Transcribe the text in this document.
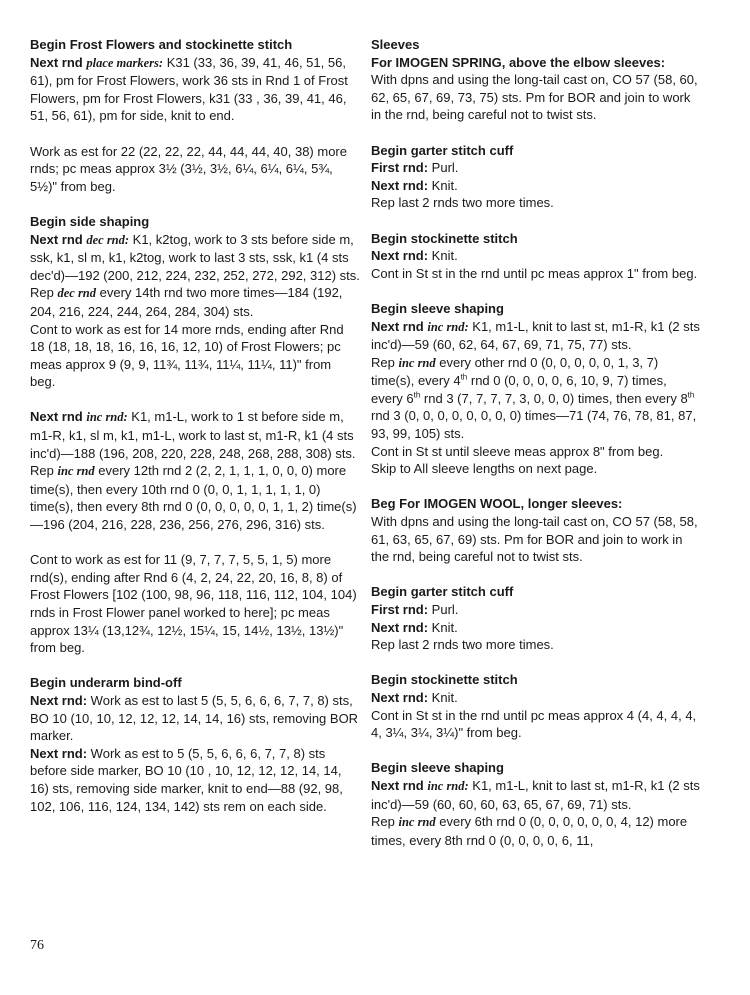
Begin Frost Flowers and stockinette stitch
Next rnd place markers: K31 (33, 36, 39, 41, 46, 51, 56, 61), pm for Frost Flowers, work 36 sts in Rnd 1 of Frost Flowers, pm for Frost Flowers, k31 (33 , 36, 39, 41, 46, 51, 56, 61), pm for side, knit to end.
Work as est for 22 (22, 22, 22, 44, 44, 44, 40, 38) more rnds; pc meas approx 3½ (3½, 3½, 6¼, 6¼, 6¼, 5¾, 5½)" from beg.
Begin side shaping
Next rnd dec rnd: K1, k2tog, work to 3 sts before side m, ssk, k1, sl m, k1, k2tog, work to last 3 sts, ssk, k1 (4 sts dec'd)—192 (200, 212, 224, 232, 252, 272, 292, 312) sts.
Rep dec rnd every 14th rnd two more times—184 (192, 204, 216, 224, 244, 264, 284, 304) sts.
Cont to work as est for 14 more rnds, ending after Rnd 18 (18, 18, 18, 16, 16, 16, 12, 10) of Frost Flowers; pc meas approx 9 (9, 9, 11¾, 11¾, 11¼, 11¼, 11)" from beg.
Next rnd inc rnd: K1, m1-L, work to 1 st before side m, m1-R, k1, sl m, k1, m1-L, work to last st, m1-R, k1 (4 sts inc'd)—188 (196, 208, 220, 228, 248, 268, 288, 308) sts.
Rep inc rnd every 12th rnd 2 (2, 2, 1, 1, 1, 0, 0, 0) more time(s), then every 10th rnd 0 (0, 0, 1, 1, 1, 1, 1, 0) time(s), then every 8th rnd 0 (0, 0, 0, 0, 0, 1, 1, 2) time(s)—196 (204, 216, 228, 236, 256, 276, 296, 316) sts.
Cont to work as est for 11 (9, 7, 7, 7, 5, 5, 1, 5) more rnd(s), ending after Rnd 6 (4, 2, 24, 22, 20, 16, 8, 8) of Frost Flowers [102 (100, 98, 96, 118, 116, 112, 104, 104) rnds in Frost Flower panel worked to here]; pc meas approx 13¼ (13,12¾, 12½, 15¼, 15, 14½, 13½, 13½)" from beg.
Begin underarm bind-off
Next rnd: Work as est to last 5 (5, 5, 6, 6, 6, 7, 7, 8) sts, BO 10 (10, 10, 12, 12, 12, 14, 14, 16) sts, removing BOR marker.
Next rnd: Work as est to 5 (5, 5, 6, 6, 6, 7, 7, 8) sts before side marker, BO 10 (10 , 10, 12, 12, 12, 14, 14, 16) sts, removing side marker, knit to end—88 (92, 98, 102, 106, 116, 124, 134, 142) sts rem on each side.
Sleeves
For IMOGEN SPRING, above the elbow sleeves:
With dpns and using the long-tail cast on, CO 57 (58, 60, 62, 65, 67, 69, 73, 75) sts. Pm for BOR and join to work in the rnd, being careful not to twist sts.
Begin garter stitch cuff
First rnd: Purl.
Next rnd: Knit.
Rep last 2 rnds two more times.
Begin stockinette stitch
Next rnd: Knit.
Cont in St st in the rnd until pc meas approx 1" from beg.
Begin sleeve shaping
Next rnd inc rnd: K1, m1-L, knit to last st, m1-R, k1 (2 sts inc'd)—59 (60, 62, 64, 67, 69, 71, 75, 77) sts.
Rep inc rnd every other rnd 0 (0, 0, 0, 0, 0, 1, 3, 7) time(s), every 4th rnd 0 (0, 0, 0, 0, 6, 10, 9, 7) times, every 6th rnd 3 (7, 7, 7, 7, 3, 0, 0, 0) times, then every 8th rnd 3 (0, 0, 0, 0, 0, 0, 0, 0) times—71 (74, 76, 78, 81, 87, 93, 99, 105) sts.
Cont in St st until sleeve meas approx 8" from beg.
Skip to All sleeve lengths on next page.
Beg For IMOGEN WOOL, longer sleeves:
With dpns and using the long-tail cast on, CO 57 (58, 58, 61, 63, 65, 67, 69) sts. Pm for BOR and join to work in the rnd, being careful not to twist sts.
Begin garter stitch cuff
First rnd: Purl.
Next rnd: Knit.
Rep last 2 rnds two more times.
Begin stockinette stitch
Next rnd: Knit.
Cont in St st in the rnd until pc meas approx 4 (4, 4, 4, 4, 4, 3¼, 3¼, 3¼)" from beg.
Begin sleeve shaping
Next rnd inc rnd: K1, m1-L, knit to last st, m1-R, k1 (2 sts inc'd)—59 (60, 60, 60, 63, 65, 67, 69, 71) sts.
Rep inc rnd every 6th rnd 0 (0, 0, 0, 0, 0, 0, 4, 12) more times, every 8th rnd 0 (0, 0, 0, 0, 6, 11,
76
